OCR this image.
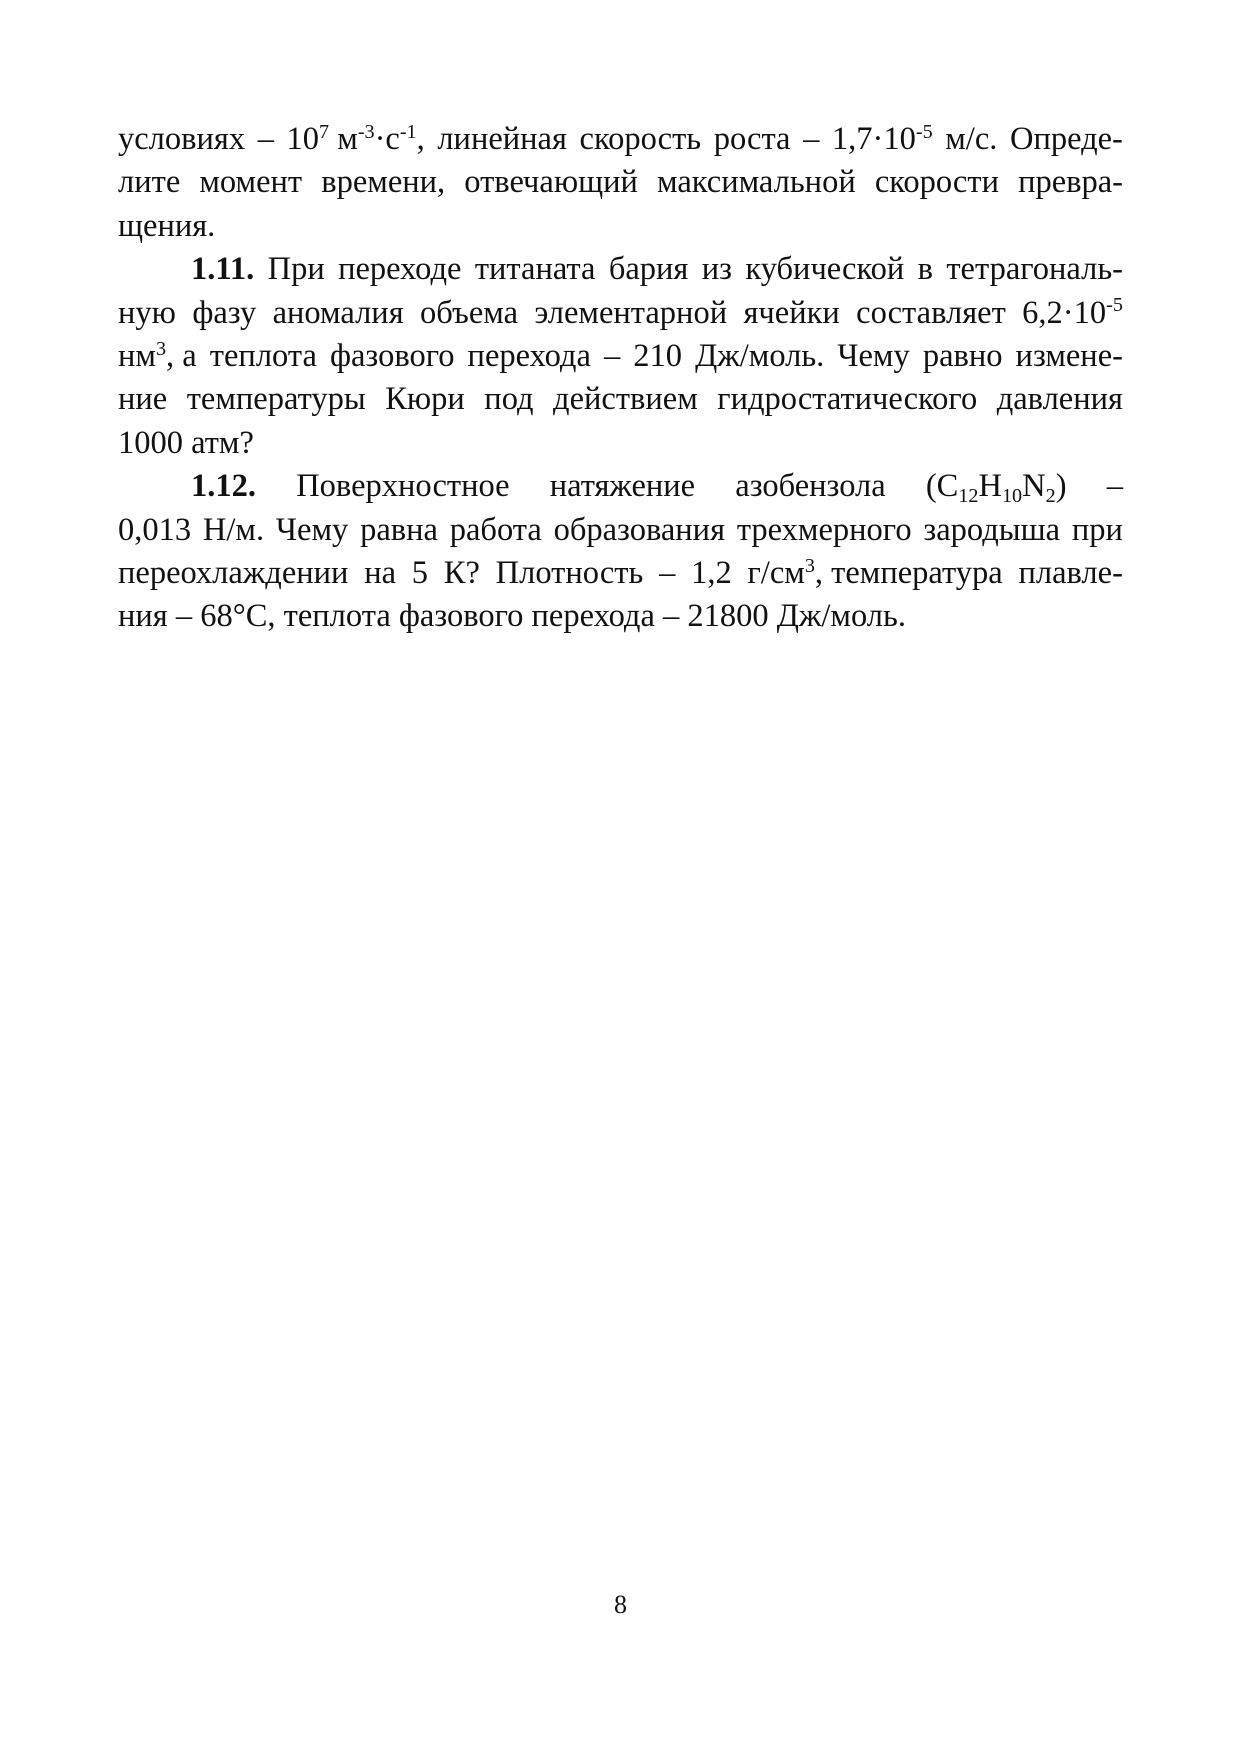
условиях – $10^7$ $м^{-3}\cdot с^{-1}$, линейная скорость роста – $1,7\cdot 10^{-5}$ м/с. Опреде-
лите момент времени, отвечающий максимальной скорости превра-
щения.
1.11. При переходе титаната бария из кубической в тетрагональ-
ную фазу аномалия объема элементарной ячейки составляет $6,2\cdot 10^{-5}$
$нм^3$, а теплота фазового перехода – 210 Дж/моль. Чему равно измене-
ние температуры Кюри под действием гидростатического давления
1000 атм?
1.12. Поверхностное натяжение азобензола $(C_{12}H_{10}N_2)$ –
0,013 Н/м. Чему равна работа образования трехмерного зародыша при
переохлаждении на 5 К? Плотность – 1,2 $г/см^3$, температура плавле-
ния – 68°С, теплота фазового перехода – 21800 Дж/моль.
8
